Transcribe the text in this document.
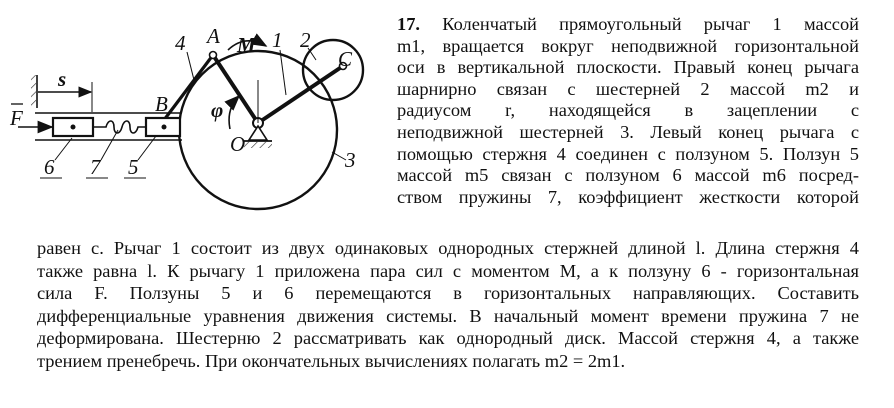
4 A M 1 2
C
s
B φ
F
O
3
6 7 5
17. Коленчатый прямоугольный рычаг 1 массой
m1, вращается вокруг неподвижной горизонтальной
оси в вертикальной плоскости. Правый конец рычага
шарнирно связан с шестерней 2 массой m2 и
радиусом r, находящейся в зацеплении с
неподвижной шестерней 3. Левый конец рычага с
помощью стержня 4 соединен с ползуном 5. Ползун 5
массой m5 связан с ползуном 6 массой m6 посред-
ством пружины 7, коэффициент жесткости которой
равен c. Рычаг 1 состоит из двух одинаковых однородных стержней длиной l. Длина стержня 4
также равна l. К рычагу 1 приложена пара сил с моментом M, а к ползуну 6 - горизонтальная
сила F. Ползуны 5 и 6 перемещаются в горизонтальных направляющих. Составить
дифференциальные уравнения движения системы. В начальный момент времени пружина 7 не
деформирована. Шестерню 2 рассматривать как однородный диск. Массой стержня 4, а также
трением пренебречь. При окончательных вычислениях полагать m2 = 2m1.
